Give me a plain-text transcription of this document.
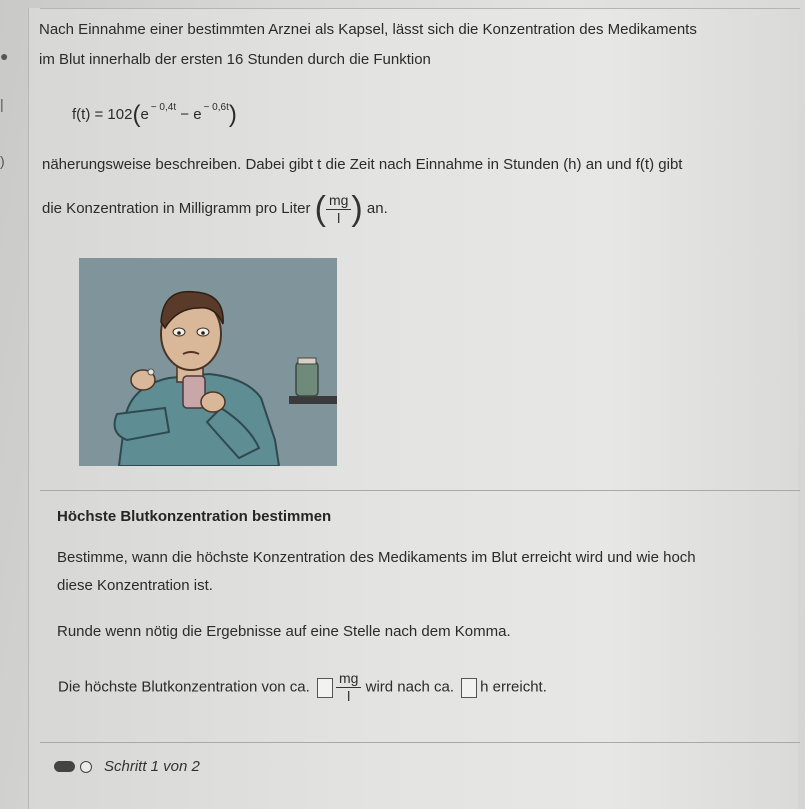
●
|
)
Nach Einnahme einer bestimmten Arznei als Kapsel, lässt sich die Konzentration des Medikaments
im Blut innerhalb der ersten 16 Stunden durch die Funktion
f(t) = 102(e $^{- 0,4t}$ − e $^{- 0,6t}$)
näherungsweise beschreiben. Dabei gibt t die Zeit nach Einnahme in Stunden (h) an und f(t) gibt
die Konzentration in Milligramm pro Liter ( $\frac{mg}{l}$ ) an.
Höchste Blutkonzentration bestimmen
Bestimme, wann die höchste Konzentration des Medikaments im Blut erreicht wird und wie hoch
diese Konzentration ist.
Runde wenn nötig die Ergebnisse auf eine Stelle nach dem Komma.
Die höchste Blutkonzentration von ca. $\frac{mg}{l}$ wird nach ca. h erreicht.
Schritt 1 von 2
